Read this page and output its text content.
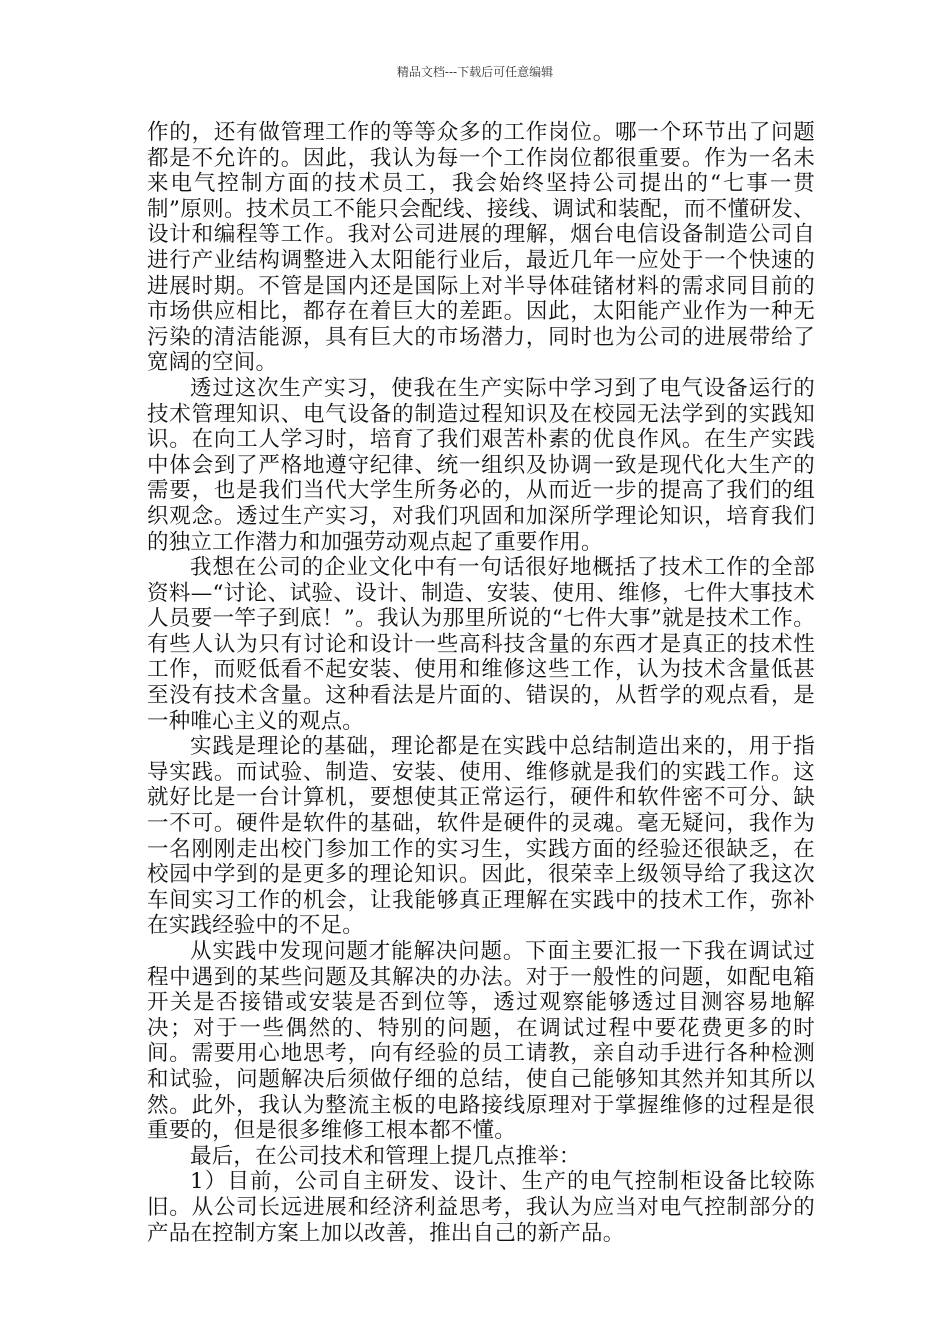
精品文档---下载后可任意编辑

作的，还有做管理工作的等等众多的工作岗位。哪一个环节出了问题都是不允许的。因此，我认为每一个工作岗位都很重要。作为一名未来电气控制方面的技术员工，我会始终坚持公司提出的“七事一贯制”原则。技术员工不能只会配线、接线、调试和装配，而不懂研发、设计和编程等工作。我对公司进展的理解，烟台电信设备制造公司自进行产业结构调整进入太阳能行业后，最近几年一应处于一个快速的进展时期。不管是国内还是国际上对半导体硅锗材料的需求同目前的市场供应相比，都存在着巨大的差距。因此，太阳能产业作为一种无污染的清洁能源，具有巨大的市场潜力，同时也为公司的进展带给了宽阔的空间。

透过这次生产实习，使我在生产实际中学习到了电气设备运行的技术管理知识、电气设备的制造过程知识及在校园无法学到的实践知识。在向工人学习时，培育了我们艰苦朴素的优良作风。在生产实践中体会到了严格地遵守纪律、统一组织及协调一致是现代化大生产的需要，也是我们当代大学生所务必的，从而近一步的提高了我们的组织观念。透过生产实习，对我们巩固和加深所学理论知识，培育我们的独立工作潜力和加强劳动观点起了重要作用。

我想在公司的企业文化中有一句话很好地概括了技术工作的全部资料—“讨论、试验、设计、制造、安装、使用、维修，七件大事技术人员要一竿子到底！”。我认为那里所说的“七件大事”就是技术工作。有些人认为只有讨论和设计一些高科技含量的东西才是真正的技术性工作，而贬低看不起安装、使用和维修这些工作，认为技术含量低甚至没有技术含量。这种看法是片面的、错误的，从哲学的观点看，是一种唯心主义的观点。

实践是理论的基础，理论都是在实践中总结制造出来的，用于指导实践。而试验、制造、安装、使用、维修就是我们的实践工作。这就好比是一台计算机，要想使其正常运行，硬件和软件密不可分、缺一不可。硬件是软件的基础，软件是硬件的灵魂。毫无疑问，我作为一名刚刚走出校门参加工作的实习生，实践方面的经验还很缺乏，在校园中学到的是更多的理论知识。因此，很荣幸上级领导给了我这次车间实习工作的机会，让我能够真正理解在实践中的技术工作，弥补在实践经验中的不足。

从实践中发现问题才能解决问题。下面主要汇报一下我在调试过程中遇到的某些问题及其解决的办法。对于一般性的问题，如配电箱开关是否接错或安装是否到位等，透过观察能够透过目测容易地解决；对于一些偶然的、特别的问题，在调试过程中要花费更多的时间。需要用心地思考，向有经验的员工请教，亲自动手进行各种检测和试验，问题解决后须做仔细的总结，使自己能够知其然并知其所以然。此外，我认为整流主板的电路接线原理对于掌握维修的过程是很重要的，但是很多维修工根本都不懂。

最后，在公司技术和管理上提几点推举：

1）目前，公司自主研发、设计、生产的电气控制柜设备比较陈旧。从公司长远进展和经济利益思考，我认为应当对电气控制部分的产品在控制方案上加以改善，推出自己的新产品。
